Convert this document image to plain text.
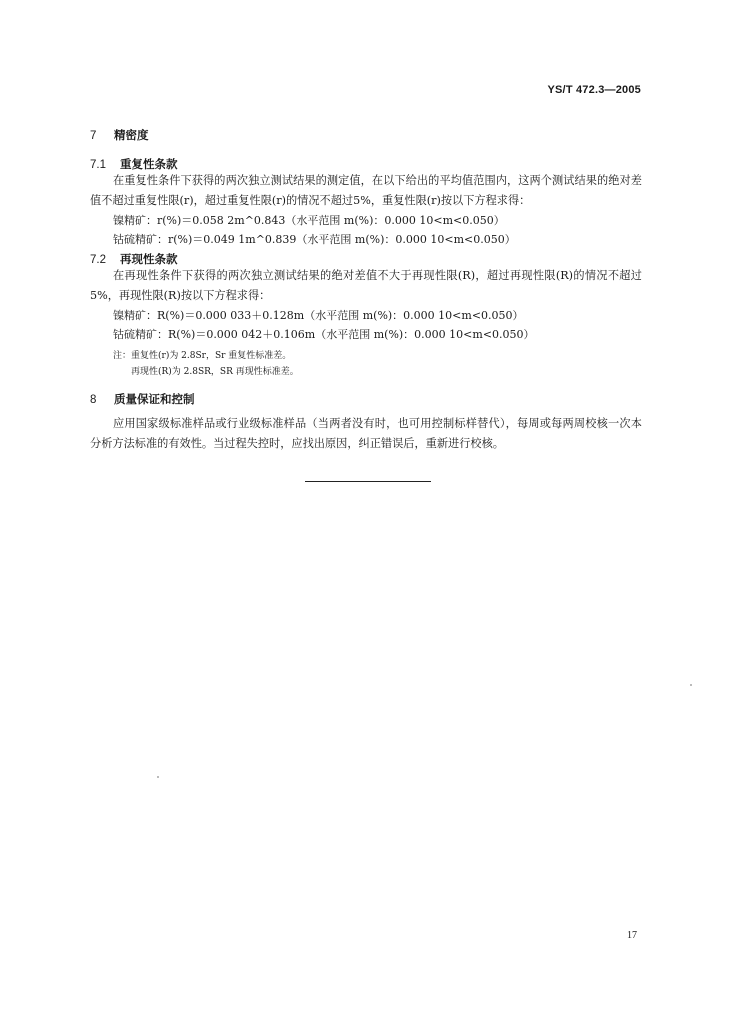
YS/T 472.3—2005
7 精密度
7.1 重复性条款

在重复性条件下获得的两次独立测试结果的测定值，在以下给出的平均值范围内，这两个测试结果的绝对差值不超过重复性限(r)，超过重复性限(r)的情况不超过5%，重复性限(r)按以下方程求得：

镍精矿：r(%)＝0.058 2m^0.843（水平范围 m(%)：0.000 10<m<0.050）
钴硫精矿：r(%)＝0.049 1m^0.839（水平范围 m(%)：0.000 10<m<0.050）
7.2 再现性条款

在再现性条件下获得的两次独立测试结果的绝对差值不大于再现性限(R)，超过再现性限(R)的情况不超过5%，再现性限(R)按以下方程求得：

镍精矿：R(%)＝0.000 033＋0.128m（水平范围 m(%)：0.000 10<m<0.050）
钴硫精矿：R(%)＝0.000 042＋0.106m（水平范围 m(%)：0.000 10<m<0.050）
注：重复性(r)为 2.8Sr，Sr 重复性标准差。
再现性(R)为 2.8SR，SR 再现性标准差。
8 质量保证和控制

应用国家级标准样品或行业级标准样品（当两者没有时，也可用控制标样替代），每周或每两周校核一次本分析方法标准的有效性。当过程失控时，应找出原因，纠正错误后，重新进行校核。

17
